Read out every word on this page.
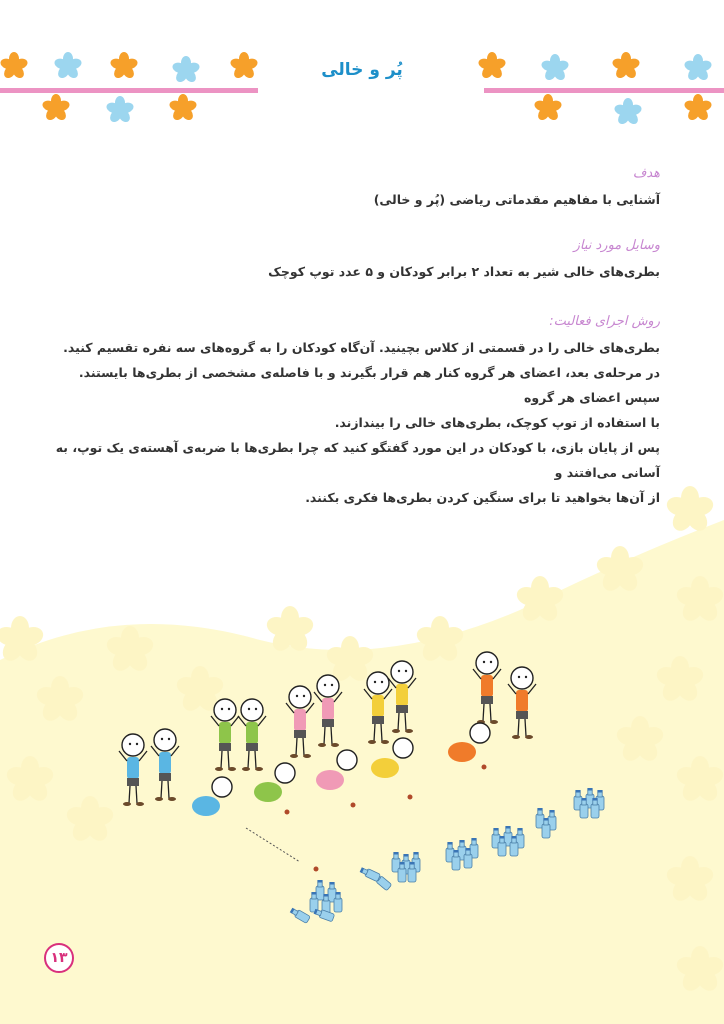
پُر و خالی

هدف

آشنایی با مفاهیم مقدماتی ریاضی (پُر و خالی)

وسایل مورد نیاز

بطری‌های خالی شیر به تعداد ۲ برابر کودکان و ۵ عدد توپ کوچک

روش اجرای فعالیت:

بطری‌های خالی را در قسمتی از کلاس بچینید. آن‌گاه کودکان را به گروه‌های سه نفره تقسیم کنید.

در مرحله‌ی بعد، اعضای هر گروه کنار هم قرار بگیرند و با فاصله‌ی مشخصی از بطری‌ها بایستند. سپس اعضای هر گروه

با استفاده از توپ کوچک، بطری‌های خالی را بیندازند.

پس از پایان بازی، با کودکان در این مورد گفتگو کنید که چرا بطری‌ها با ضربه‌ی آهسته‌ی یک توپ، به آسانی می‌افتند و

از آن‌ها بخواهید تا برای سنگین کردن بطری‌ها فکری بکنند.

۱۳
